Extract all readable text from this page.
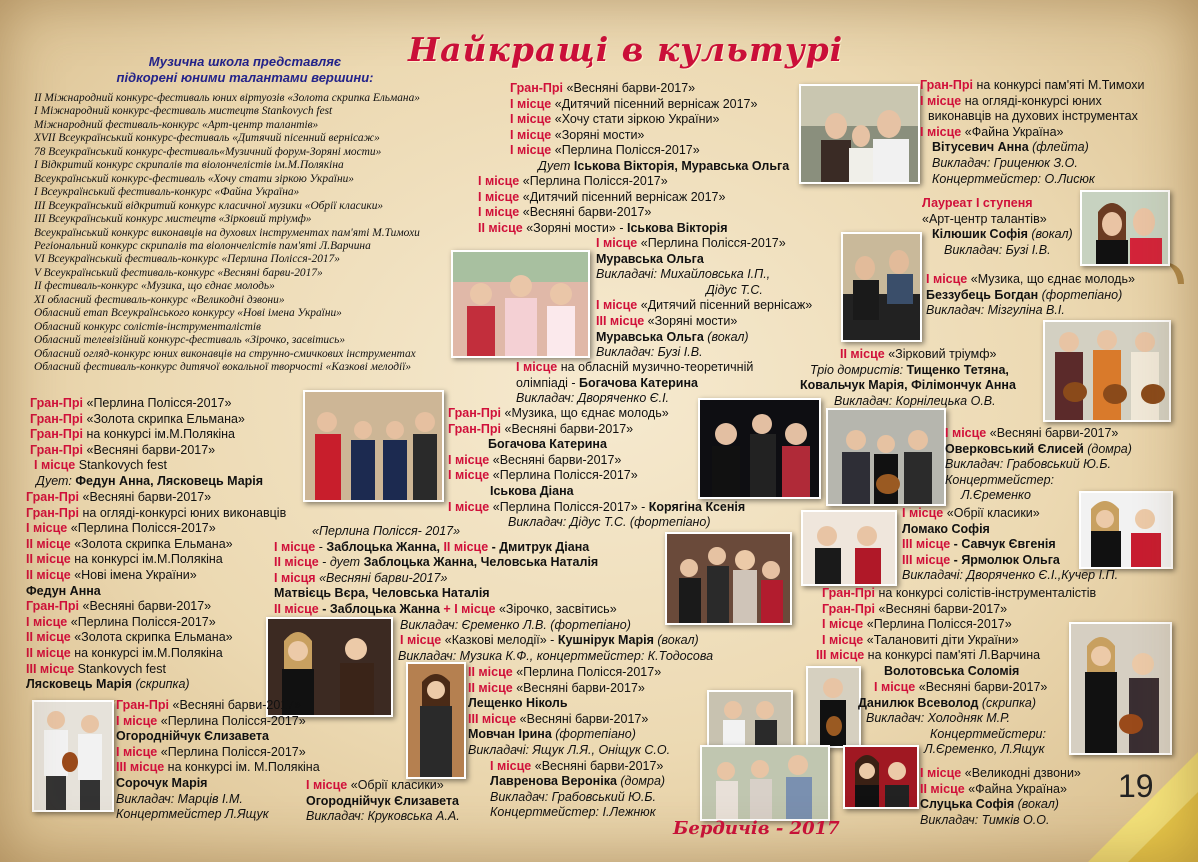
Найкращі в культурі
Музична школа представляє
підкорені юними талантами вершини:
II Міжнародний конкурс-фестиваль юних віртуозів «Золота скрипка Ельмана»
I Міжнародний конкурс-фестиваль мистецтв Stankovych fest
Міжнародний фестиваль-конкурс «Арт-центр талантів»
XVII Всеукраїнський конкурс-фестиваль «Дитячий пісенний вернісаж»
78 Всеукраїнський конкурс-фестиваль«Музичний форум-Зоряні мости»
I Відкритий конкурс скрипалів та віолончелістів ім.М.Полякіна
Всеукраїнський конкурс-фестиваль «Хочу стати зіркою України»
I Всеукраїнський фестиваль-конкурс «Файна Україна»
III Всеукраїнський відкритий конкурс класичної музики «Обрії класики»
III Всеукраїнський конкурс мистецтв «Зірковий тріумф»
Всеукраїнський конкурс виконавців на духових інструментах пам'яті М.Тимохи
Регіональний конкурс скрипалів та віолончелістів пам'яті Л.Варчина
VI Всеукраїнський фестиваль-конкурс «Перлина Полісся-2017»
V Всеукраїнський фестиваль-конкурс «Весняні барви-2017»
II фестиваль-конкурс «Музика, що єднає молодь»
XI обласний фестиваль-конкурс «Великодні дзвони»
Обласний етап Всеукраїнського конкурсу «Нові імена України»
Обласний конкурс солістів-інструменталістів
Обласний телевізійний конкурс-фестиваль «Зірочко, засвітись»
Обласний огляд-конкурс юних виконавців на струнно-смичкових інструментах
Обласний фестиваль-конкурс дитячої вокальної творчості «Казкові мелодії»
Гран-Прі «Весняні барви-2017»
І місце «Дитячий пісенний вернісаж 2017»
І місце «Хочу стати зіркою України»
І місце «Зоряні мости»
І місце «Перлина Полісся-2017»
Дует Іськова Вікторія, Муравська Ольга
І місце «Перлина Полісся-2017»
І місце «Дитячий пісенний вернісаж 2017»
І місце «Весняні барви-2017»
ІІ місце «Зоряні мости» - Іськова Вікторія
І місце «Перлина Полісся-2017»
Муравська Ольга
Викладачі: Михайловська І.П.,
Дідус Т.С.
І місце «Дитячий пісенний вернісаж»
ІІІ місце «Зоряні мости»
Муравська Ольга (вокал)
Викладач: Бузі І.В.
Гран-Прі на конкурсі пам'яті М.Тимохи
І місце на огляді-конкурсі юних
виконавців на духових інструментах
І місце «Файна Україна»
Вітусевич Анна (флейта)
Викладач: Гриценюк З.О.
Концертмейстер: О.Лисюк
Лауреат І ступеня
«Арт-центр талантів»
Кілюшик Софія (вокал)
Викладач: Бузі І.В.
І місце «Музика, що єднає молодь»
Беззубець Богдан (фортепіано)
Викладач: Мізгуліна В.І.
ІІ місце «Зірковий тріумф»
Тріо домристів: Тищенко Тетяна,
Ковальчук Марія, Філімончук Анна
Викладач: Корнілецька О.В.
І місце на обласній музично-теоретичній
олімпіаді - Богачова Катерина
Викладач: Дворяченко Є.І.
Гран-Прі «Перлина Полісся-2017»
Гран-Прі «Золота скрипка Ельмана»
Гран-Прі на конкурсі ім.М.Полякіна
Гран-Прі «Весняні барви-2017»
І місце Stankovych fest
Дует: Федун Анна, Лясковець Марія
Гран-Прі «Музика, що єднає молодь»
Гран-Прі «Весняні барви-2017»
Богачова Катерина
І місце «Весняні барви-2017»
І місце «Перлина Полісся-2017»
Іськова Діана
І місце «Перлина Полісся-2017» - Корягіна Ксенія
Викладач: Дідус Т.С. (фортепіано)
І місце «Весняні барви-2017»
Оверковський Єлисей (домра)
Викладач: Грабовський Ю.Б.
Концертмейстер:
Л.Єременко
Гран-Прі «Весняні барви-2017»
Гран-Прі на огляді-конкурсі юних виконавців
І місце «Перлина Полісся-2017»
ІІ місце «Золота скрипка Ельмана»
ІІ місце на конкурсі ім.М.Полякіна
ІІ місце «Нові імена України»
Федун Анна
Гран-Прі «Весняні барви-2017»
І місце «Перлина Полісся-2017»
ІІ місце «Золота скрипка Ельмана»
ІІ місце на конкурсі ім.М.Полякіна
ІІІ місце Stankovych fest
Лясковець Марія (скрипка)
«Перлина Полісся- 2017»
І місце - Заблоцька Жанна, ІІ місце - Дмитрук Діана
ІІ місце - дует Заблоцька Жанна, Человська Наталія
І місця «Весняні барви-2017»
Матвієць Вєра, Человська Наталія
ІІ місце - Заблоцька Жанна + І місце «Зірочко, засвітись»
Викладач: Єременко Л.В. (фортепіано)
І місце «Казкові мелодії» - Кушнірук Марія (вокал)
Викладач: Музика К.Ф., концертмейстер: К.Тодосова
І місце «Обрії класики»
Ломако Софія
ІІІ місце - Савчук Євгенія
ІІІ місце - Ярмолюк Ольга
Викладачі: Дворяченко Є.І.,Кучер І.П.
Гран-Прі на конкурсі солістів-інструменталістів
Гран-Прі «Весняні барви-2017»
І місце «Перлина Полісся-2017»
І місце «Талановиті діти України»
ІІІ місце на конкурсі пам'яті Л.Варчина
Волотовська Соломія
І місце «Весняні барви-2017»
Данилюк Всеволод (скрипка)
Викладач: Холодняк М.Р.
Концертмейстери:
Л.Єременко, Л.Ящук
Гран-Прі «Весняні барви-2017»
І місце «Перлина Полісся-2017»
Огороднійчук Єлизавета
І місце «Перлина Полісся-2017»
ІІІ місце на конкурсі ім. М.Полякіна
Сорочук Марія
Викладач: Марців І.М.
Концертмейстер Л.Ящук
І місце «Обрії класики»
Огороднійчук Єлизавета
Викладач: Круковська А.А.
ІІ місце «Перлина Полісся-2017»
ІІ місце «Весняні барви-2017»
Лещенко Ніколь
ІІІ місце «Весняні барви-2017»
Мовчан Ірина (фортепіано)
Викладачі: Ящук Л.Я., Оніщук С.О.
І місце «Весняні барви-2017»
Лавренова Вероніка (домра)
Викладач: Грабовський Ю.Б.
Концертмейстер: І.Лежнюк
І місце «Великодні дзвони»
ІІ місце «Файна Україна»
Слуцька Софія (вокал)
Викладач: Тимків О.О.
Бердичів - 2017
19
